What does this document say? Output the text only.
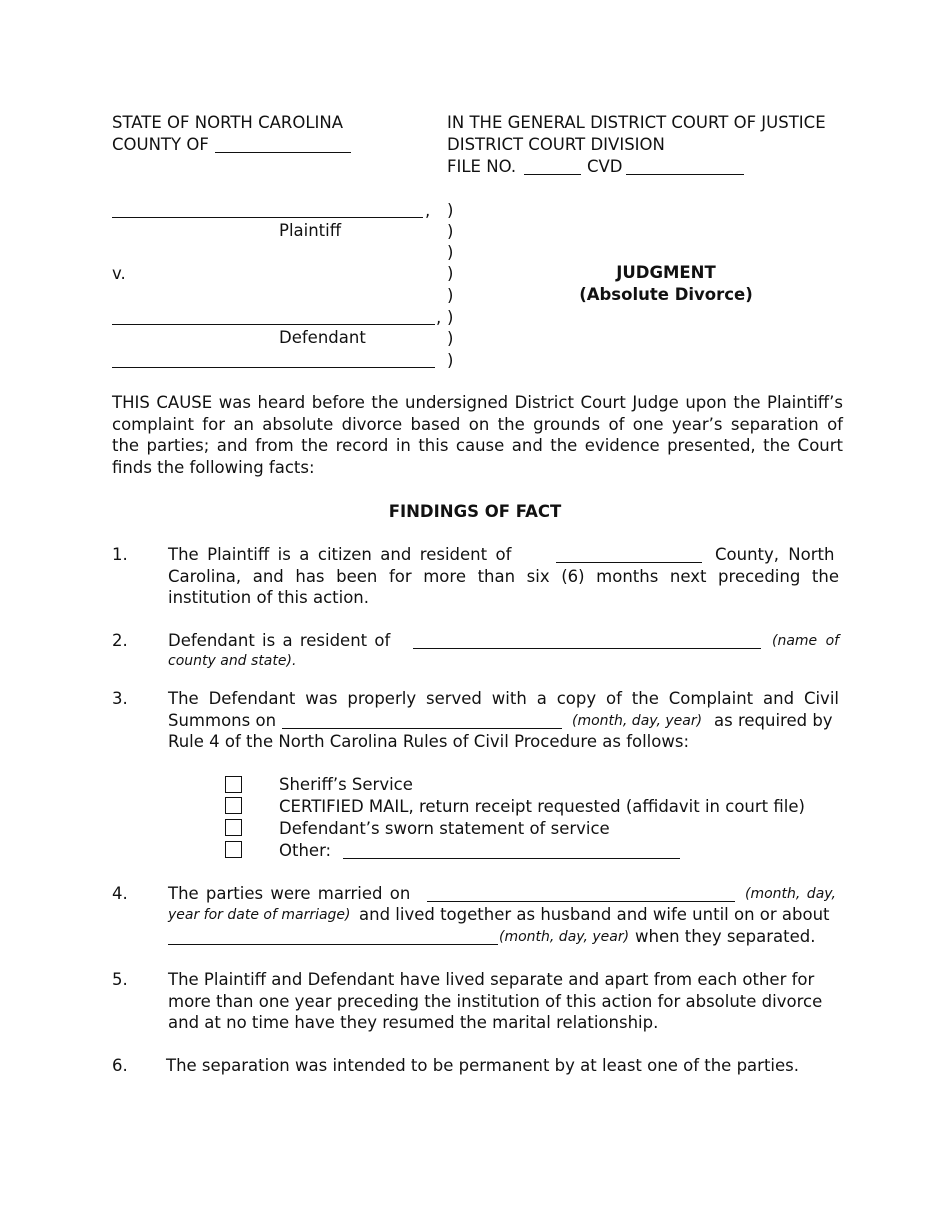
STATE OF NORTH CAROLINA
COUNTY OF
IN THE GENERAL DISTRICT COURT OF JUSTICE
DISTRICT COURT DIVISION
FILE NO.	CVD
,
Plaintiff
v.
,
Defendant
)
)
)
)
)
)
)
)
JUDGMENT
(Absolute Divorce)
THIS CAUSE was heard before the undersigned District Court Judge upon the Plaintiff’s
complaint for an absolute divorce based on the grounds of one year’s separation of
the parties; and from the record in this cause and the evidence presented, the Court
finds the following facts:
FINDINGS OF FACT
1. The Plaintiff is a citizen and resident of	County, North
Carolina, and has been for more than six (6) months next preceding the
institution of this action.
2. Defendant is a resident of	(name of
county and state).
3. The Defendant was properly served with a copy of the Complaint and Civil
Summons on	(month, day, year) as required by
Rule 4 of the North Carolina Rules of Civil Procedure as follows:
Sheriff’s Service
CERTIFIED MAIL, return receipt requested (affidavit in court file)
Defendant’s sworn statement of service
Other:
4. The parties were married on	(month, day,
year for date of marriage) and lived together as husband and wife until on or about
(month, day, year) when they separated.
5. The Plaintiff and Defendant have lived separate and apart from each other for
more than one year preceding the institution of this action for absolute divorce
and at no time have they resumed the marital relationship.
6. The separation was intended to be permanent by at least one of the parties.
